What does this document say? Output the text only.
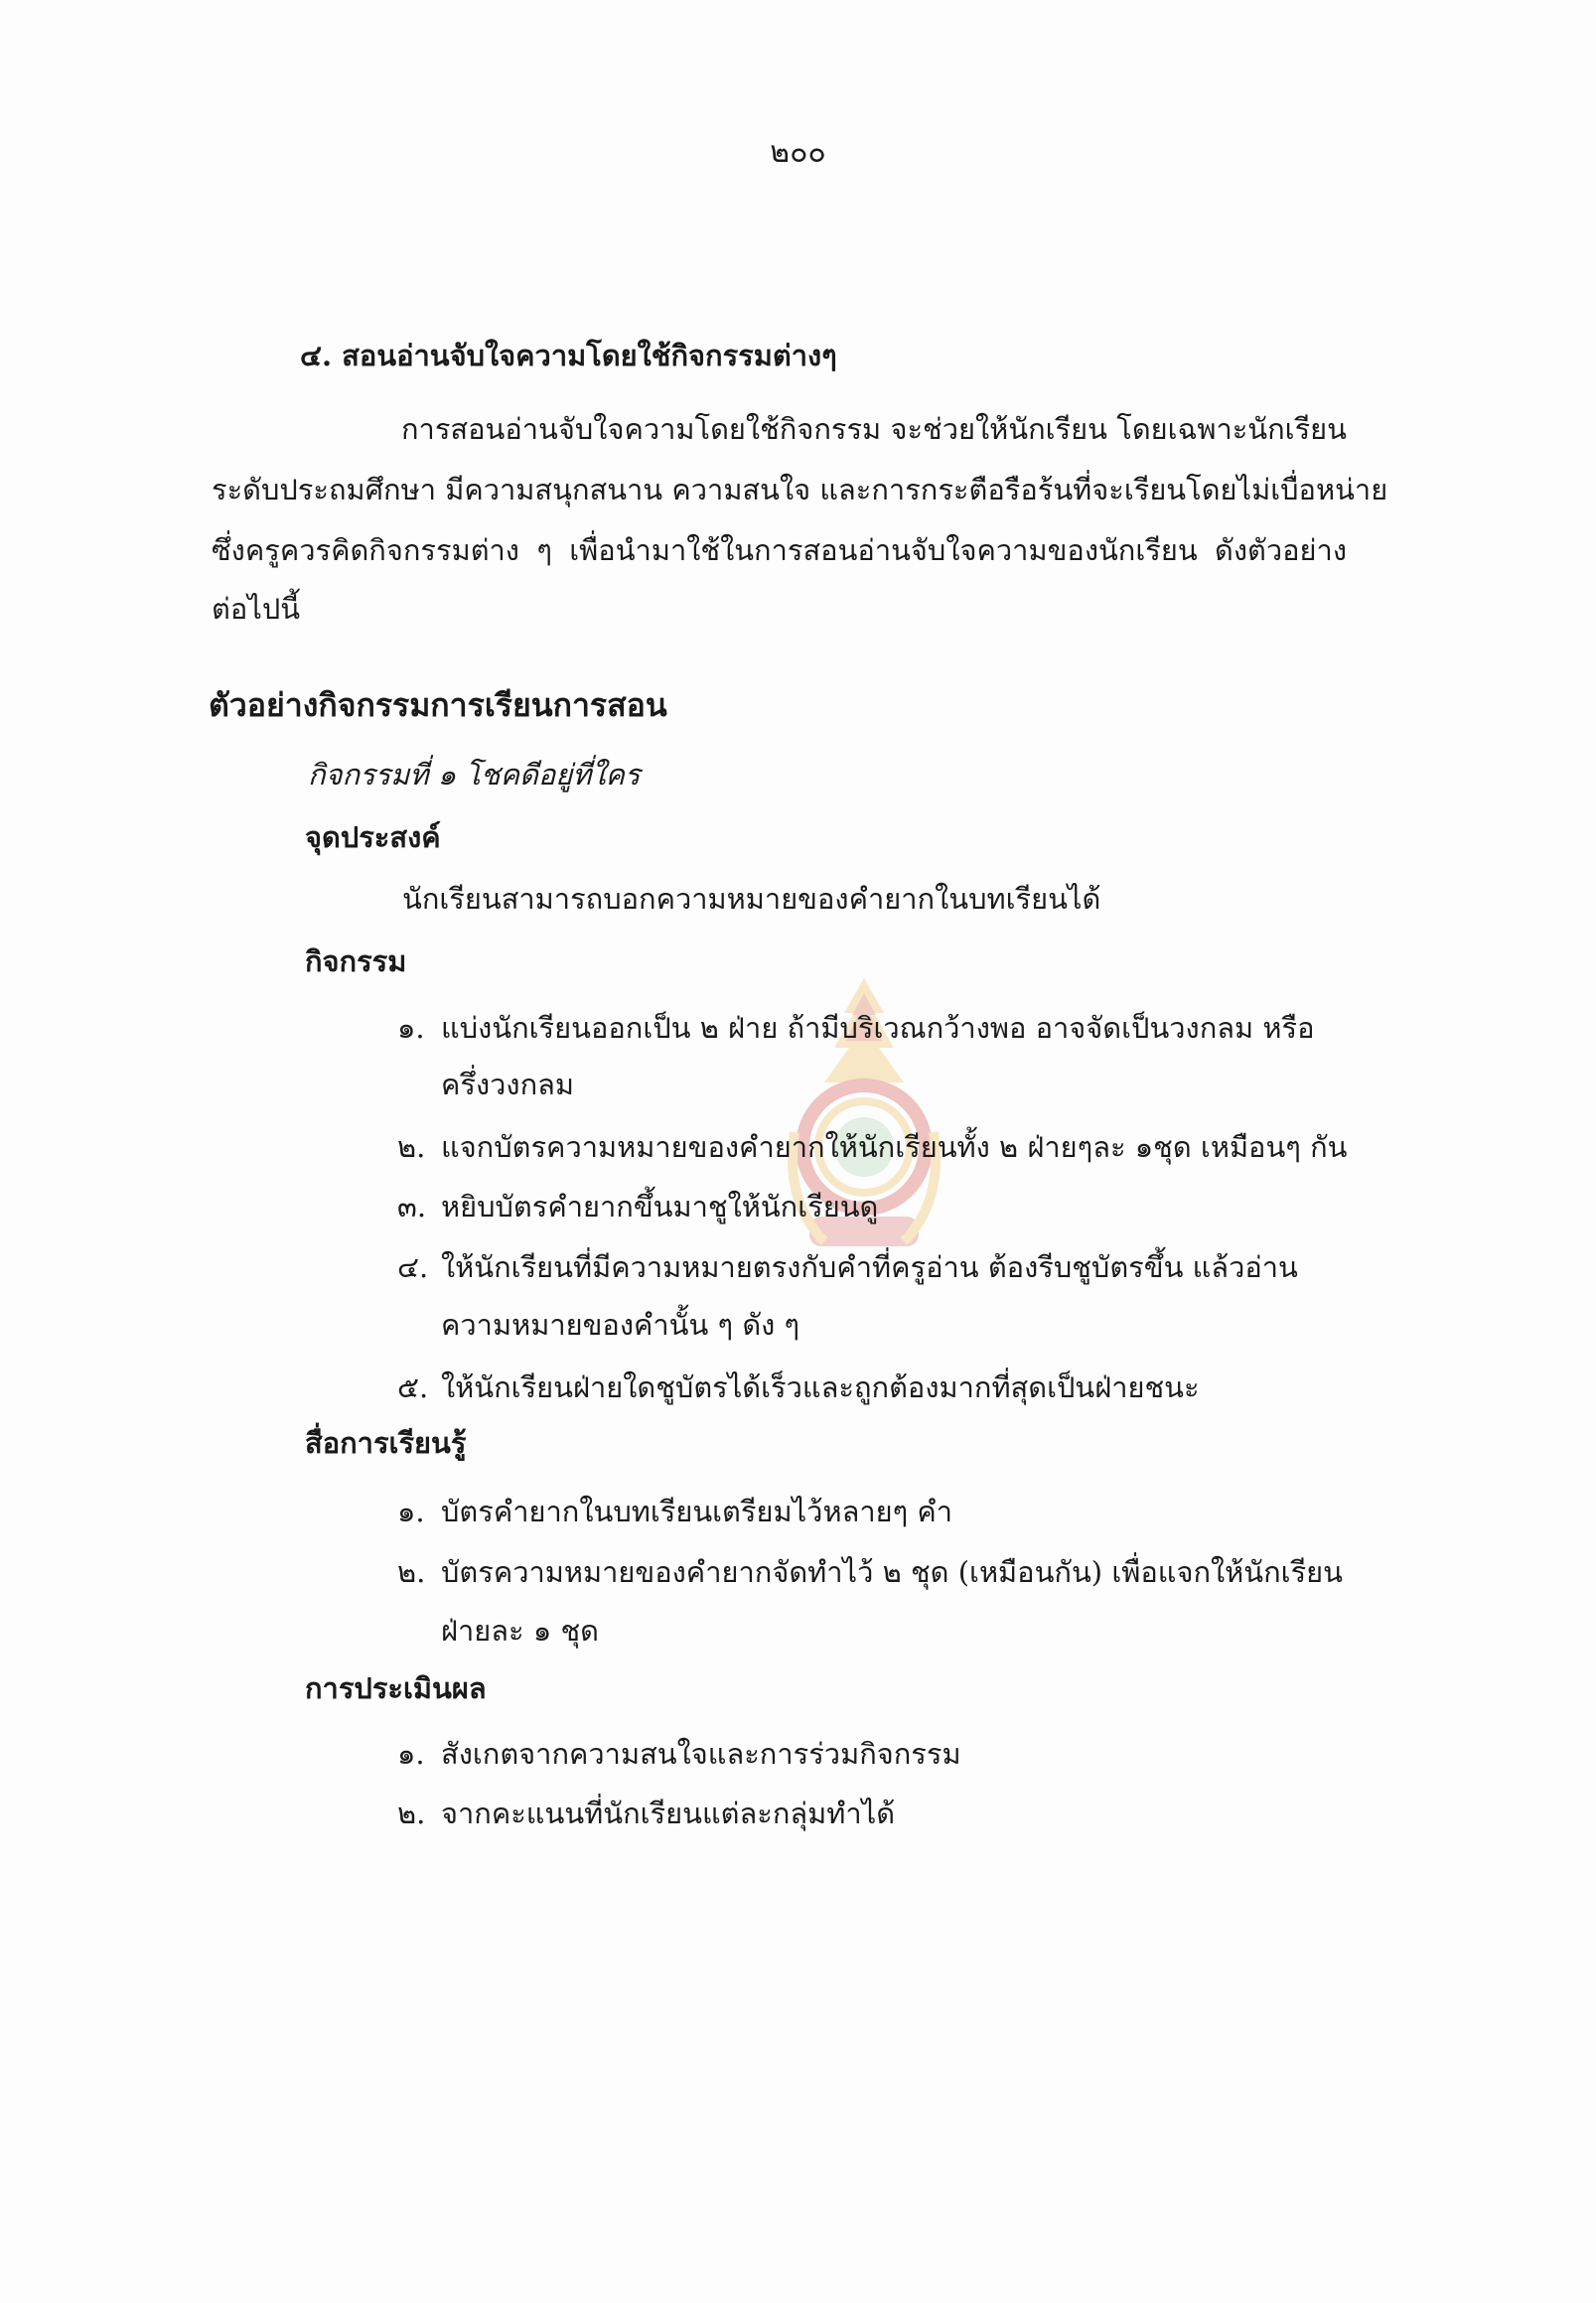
๒๐๐
๔. สอนอ่านจับใจความโดยใช้กิจกรรมต่างๆ
การสอนอ่านจับใจความโดยใช้กิจกรรม จะช่วยให้นักเรียน โดยเฉพาะนักเรียน
ระดับประถมศึกษา มีความสนุกสนาน ความสนใจ และการกระตือรือร้นที่จะเรียนโดยไม่เบื่อหน่าย
ซึ่งครูควรคิดกิจกรรมต่าง ๆ เพื่อนำมาใช้ในการสอนอ่านจับใจความของนักเรียน ดังตัวอย่าง
ต่อไปนี้
ตัวอย่างกิจกรรมการเรียนการสอน
กิจกรรมที่ ๑ โชคดีอยู่ที่ใคร
จุดประสงค์
นักเรียนสามารถบอกความหมายของคำยากในบทเรียนได้
กิจกรรม
๑. แบ่งนักเรียนออกเป็น ๒ ฝ่าย ถ้ามีบริเวณกว้างพอ อาจจัดเป็นวงกลม หรือ
ครึ่งวงกลม
๒. แจกบัตรความหมายของคำยากให้นักเรียนทั้ง ๒ ฝ่ายๆละ ๑ชุด เหมือนๆ กัน
๓. หยิบบัตรคำยากขึ้นมาชูให้นักเรียนดู
๔. ให้นักเรียนที่มีความหมายตรงกับคำที่ครูอ่าน ต้องรีบชูบัตรขึ้น แล้วอ่าน
ความหมายของคำนั้น ๆ ดัง ๆ
๕. ให้นักเรียนฝ่ายใดชูบัตรได้เร็วและถูกต้องมากที่สุดเป็นฝ่ายชนะ
สื่อการเรียนรู้
๑. บัตรคำยากในบทเรียนเตรียมไว้หลายๆ คำ
๒. บัตรความหมายของคำยากจัดทำไว้ ๒ ชุด (เหมือนกัน) เพื่อแจกให้นักเรียน
ฝ่ายละ ๑ ชุด
การประเมินผล
๑. สังเกตจากความสนใจและการร่วมกิจกรรม
๒. จากคะแนนที่นักเรียนแต่ละกลุ่มทำได้
